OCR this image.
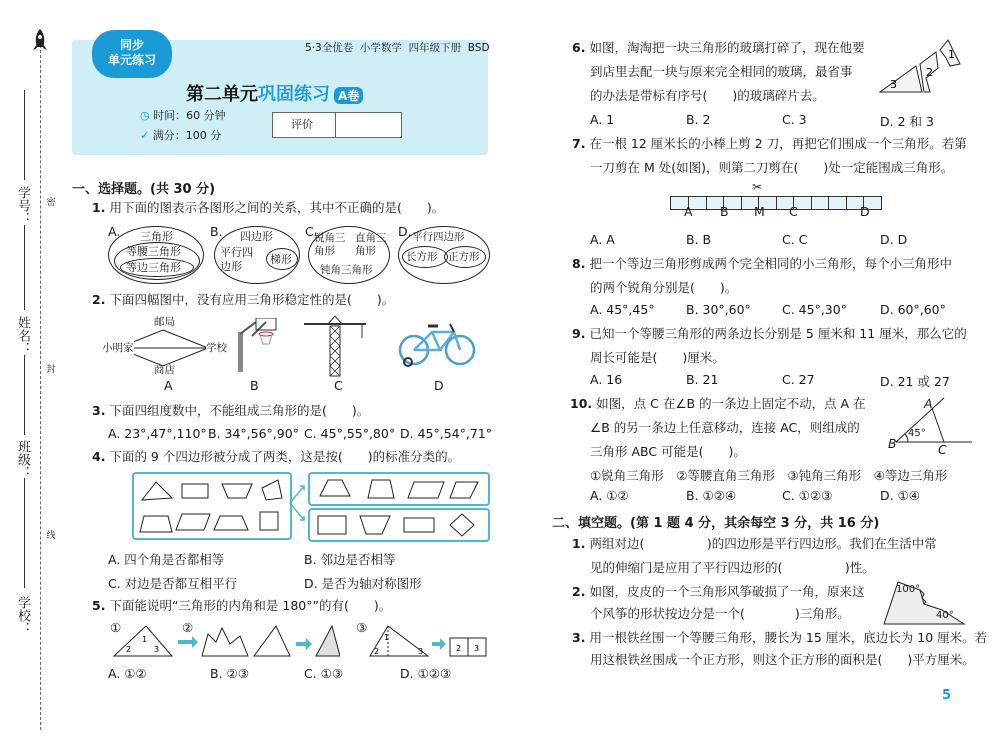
学号：
姓名：
班级：
学校：
密
封
线
同步
单元练习
5·3全优卷 小学数学 四年级下册 BSD
第二单元巩固练习 A卷
◷ 时间：60 分钟
✓ 满分：100 分
评价
一、选择题。(共 30 分)
1. 用下面的图表示各图形之间的关系，其中不正确的是(　　)。
A. 三角形
等腰三角形
等边三角形
B. 四边形
平行四边形
梯形
C.
锐角三角形
直角三角形
钝角三角形
D. 平行四边形
长方形 正方形
2. 下面四幅图中，没有应用三角形稳定性的是(　　)。
邮局
小明家	学校
商店
A	B	C	D
3. 下面四组度数中，不能组成三角形的是(　　)。
A. 23°,47°,110° B. 34°,56°,90° C. 45°,55°,80° D. 45°,54°,71°
4. 下面的 9 个四边形被分成了两类，这是按(　　)的标准分类的。
A. 四个角是否都相等	B. 邻边是否相等
C. 对边是否都互相平行	D. 是否为轴对称图形
5. 下面能说明“三角形的内角和是 180°”的有(　　)。
①
1
2	3
②	③
1
2	3	2 3
A. ①②	B. ②③	C. ①③	D. ①②③
6. 如图，淘淘把一块三角形的玻璃打碎了，现在他要
到店里去配一块与原来完全相同的玻璃，最省事
的办法是带标有序号(　　)的玻璃碎片去。
3
2
1
A. 1	B. 2	C. 3	D. 2 和 3
7. 在一根 12 厘米长的小棒上剪 2 刀，再把它们围成一个三角形。若第
一刀剪在 M 处(如图)，则第二刀剪在(　　)处一定能围成三角形。
✂
A B M C	D
A. A	B. B	C. C	D. D
8. 把一个等边三角形剪成两个完全相同的小三角形，每个小三角形中
的两个锐角分别是(　　)。
A. 45°,45°	B. 30°,60° C. 45°,30°	D. 60°,60°
9. 已知一个等腰三角形的两条边长分别是 5 厘米和 11 厘米，那么它的
周长可能是(　　)厘米。
A. 16	B. 21	C. 27	D. 21 或 27
10. 如图，点 C 在∠B 的一条边上固定不动，点 A 在
∠B 的另一条边上任意移动，连接 AC，则组成的
三角形 ABC 可能是(　　)。
A
B	C
45°
①锐角三角形　②等腰直角三角形　③钝角三角形　④等边三角形
A. ①②	B. ①②④	C. ①②③	D. ①④
二、填空题。(第 1 题 4 分，其余每空 3 分，共 16 分)
1. 两组对边(　　　　　)的四边形是平行四边形。我们在生活中常
见的伸缩门是应用了平行四边形的(　　　　　)性。
2. 如图，皮皮的一个三角形风筝破损了一角，原来这
个风筝的形状按边分是一个(　　　　)三角形。
100°
40°
3. 用一根铁丝围一个等腰三角形，腰长为 15 厘米，底边长为 10 厘米。若
用这根铁丝围成一个正方形，则这个正方形的面积是(　　)平方厘米。
5
